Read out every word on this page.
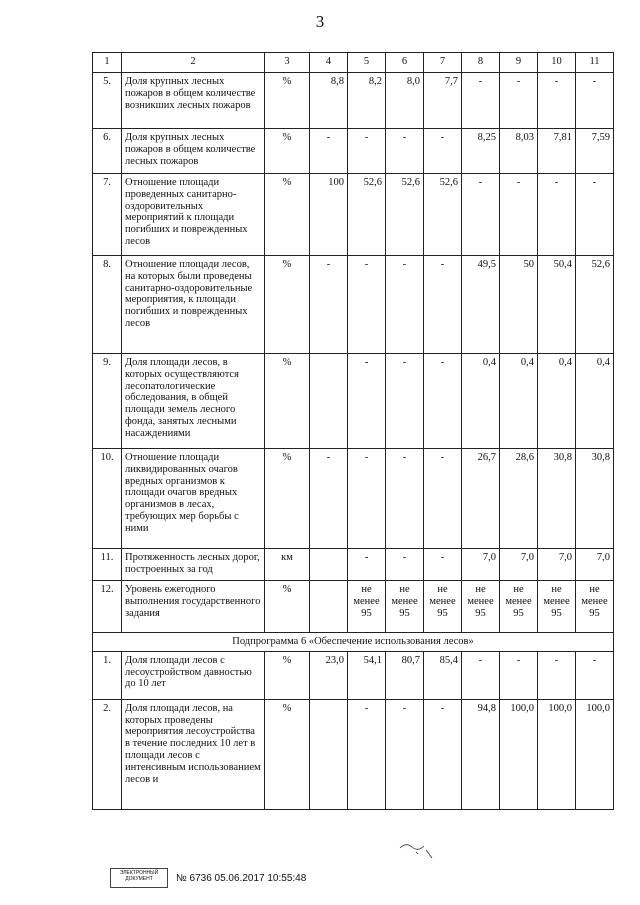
3
1	2	3	4	5	6	7	8	9	10	11
5.	Доля крупных лесных пожаров в общем количестве возникших лесных пожаров	%	8,8	8,2	8,0	7,7	-	-	-	-
6.	Доля крупных лесных пожаров в общем количестве лесных пожаров	%	-	-	-	-	8,25	8,03	7,81	7,59
7.	Отношение площади проведенных санитарно-оздоровительных мероприятий к площади погибших и поврежденных лесов	%	100	52,6	52,6	52,6	-	-	-	-
8.	Отношение площади лесов, на которых были проведены санитарно-оздоровительные мероприятия, к площади погибших и поврежденных лесов	%	-	-	-	-	49,5	50	50,4	52,6
9.	Доля площади лесов, в которых осуществляются лесопатологические обследования, в общей площади земель лесного фонда, занятых лесными насаждениями	%		-	-	-	0,4	0,4	0,4	0,4
10.	Отношение площади ликвидированных очагов вредных организмов к площади очагов вредных организмов в лесах, требующих мер борьбы с ними	%	-	-	-	-	26,7	28,6	30,8	30,8
11.	Протяженность лесных дорог, построенных за год	км		-	-	-	7,0	7,0	7,0	7,0
12.	Уровень ежегодного выполнения государственного задания	%		не менее 95	не менее 95	не менее 95	не менее 95	не менее 95	не менее 95	не менее 95
Подпрограмма 6 «Обеспечение использования лесов»										
1.	Доля площади лесов с лесоустройством давностью до 10 лет	%	23,0	54,1	80,7	85,4	-	-	-	-
2.	Доля площади лесов, на которых проведены мероприятия лесоустройства в течение последних 10 лет в площади лесов с интенсивным использованием лесов и	%		-	-	-	94,8	100,0	100,0	100,0
ЭЛЕКТРОННЫЙ ДОКУМЕНТ	№ 6736 05.06.2017 10:55:48
